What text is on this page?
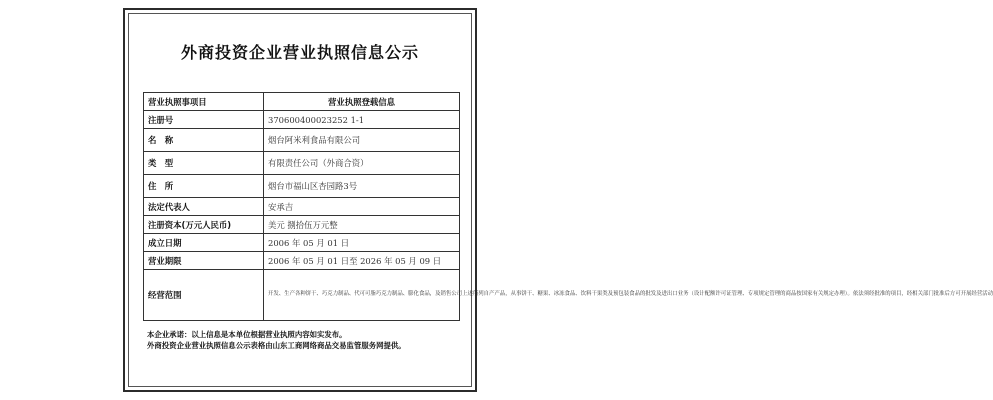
外商投资企业营业执照信息公示
营业执照事项目	营业执照登载信息
注册号	370600400023252 1-1
名　称	烟台阿米利食品有限公司
类　型	有限责任公司（外商合资）
住　所	烟台市福山区杏园路3号
法定代表人	安承吉
注册资本(万元人民币)	美元 捌拾伍万元整
成立日期	2006 年 05 月 01 日
营业期限	2006 年 05 月 01 日至 2026 年 05 月 09 日
经营范围	开发、生产各种饼干、巧克力制品、代可可脂巧克力制品、膨化食品，及销售公司上述所列自产产品，从事饼干、糖果、冰冻食品、饮料干果类及预包装食品的批发及进出口业务（设计配额许可证管理、专项规定管理的商品按国家有关规定办理）。依法须经批准的项目，经相关部门批准后方可开展经营活动
本企业承诺：以上信息是本单位根据营业执照内容如实发布。
外商投资企业营业执照信息公示表格由山东工商网络商品交易监管服务网提供。
